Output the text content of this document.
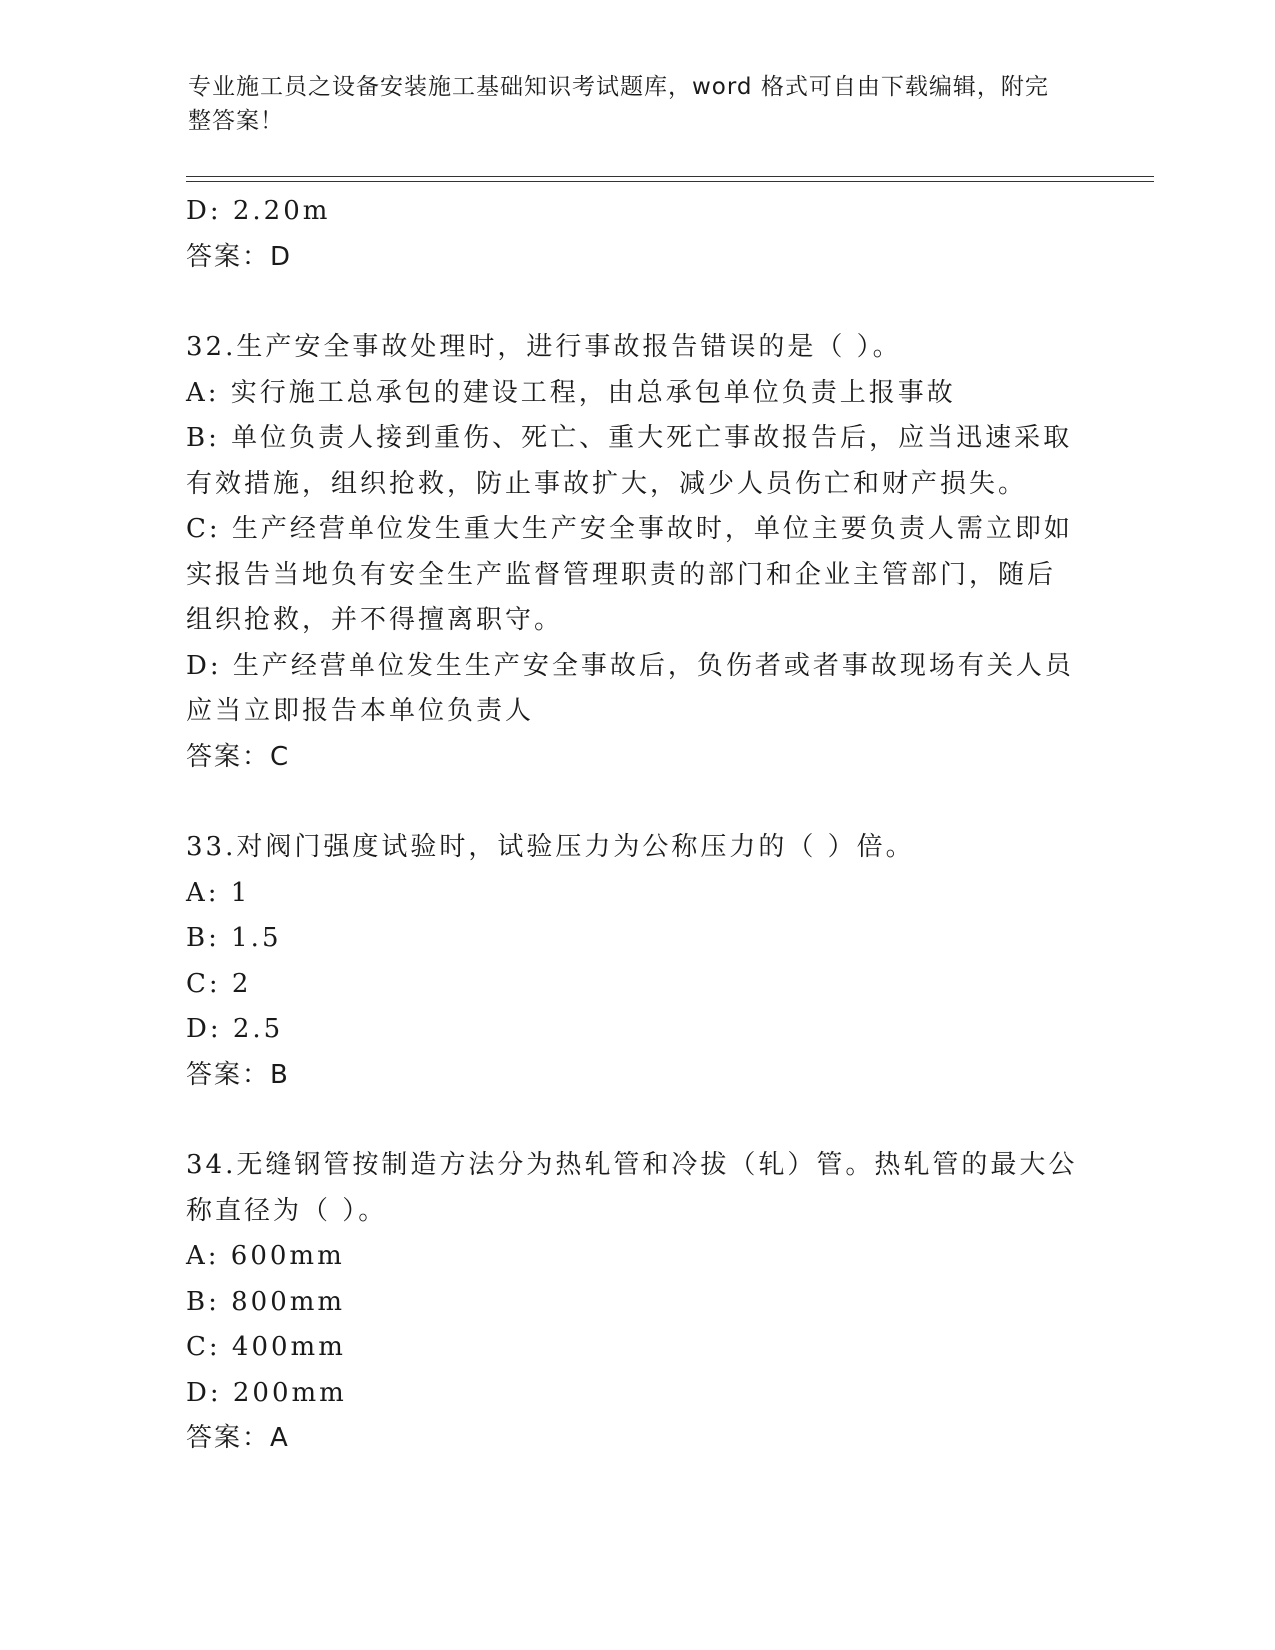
专业施工员之设备安装施工基础知识考试题库，word 格式可自由下载编辑，附完
整答案！
D: 2.20m
答案：D
32.生产安全事故处理时，进行事故报告错误的是（ ）。
A: 实行施工总承包的建设工程，由总承包单位负责上报事故
B: 单位负责人接到重伤、死亡、重大死亡事故报告后，应当迅速采取
有效措施，组织抢救，防止事故扩大，减少人员伤亡和财产损失。
C: 生产经营单位发生重大生产安全事故时，单位主要负责人需立即如
实报告当地负有安全生产监督管理职责的部门和企业主管部门，随后
组织抢救，并不得擅离职守。
D: 生产经营单位发生生产安全事故后，负伤者或者事故现场有关人员
应当立即报告本单位负责人
答案：C
33.对阀门强度试验时，试验压力为公称压力的（ ）倍。
A: 1
B: 1.5
C: 2
D: 2.5
答案：B
34.无缝钢管按制造方法分为热轧管和冷拔（轧）管。热轧管的最大公
称直径为（ ）。
A: 600mm
B: 800mm
C: 400mm
D: 200mm
答案：A
